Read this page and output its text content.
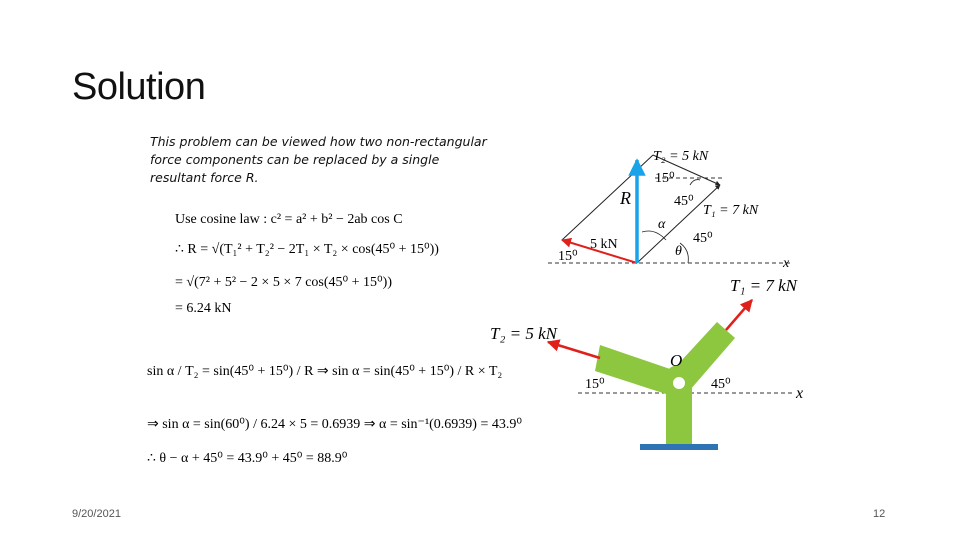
Solution
This problem can be viewed how two non-rectangular
force components can be replaced by a single
resultant force R.
T₂ = 5 kN
15⁰
R	45⁰
T₁ = 7 kN
α
5 kN	45⁰
θ
15⁰	x
T₁ = 7 kN
T₂ = 5 kN
O
15⁰	45⁰
x
Use cosine law : c² = a² + b² − 2ab cos C
∴ R = √(T₁² + T₂² − 2T₁ × T₂ × cos(45⁰ + 15⁰))
= √(7² + 5² − 2 × 5 × 7 cos(45⁰ + 15⁰))
= 6.24 kN
sin α / T₂ = sin(45⁰ + 15⁰) / R ⇒ sin α = sin(45⁰ + 15⁰) / R × T₂
⇒ sin α = sin(60⁰) / 6.24 × 5 = 0.6939 ⇒ α = sin⁻¹(0.6939) = 43.9⁰
∴ θ − α + 45⁰ = 43.9⁰ + 45⁰ = 88.9⁰
9/20/2021	12
